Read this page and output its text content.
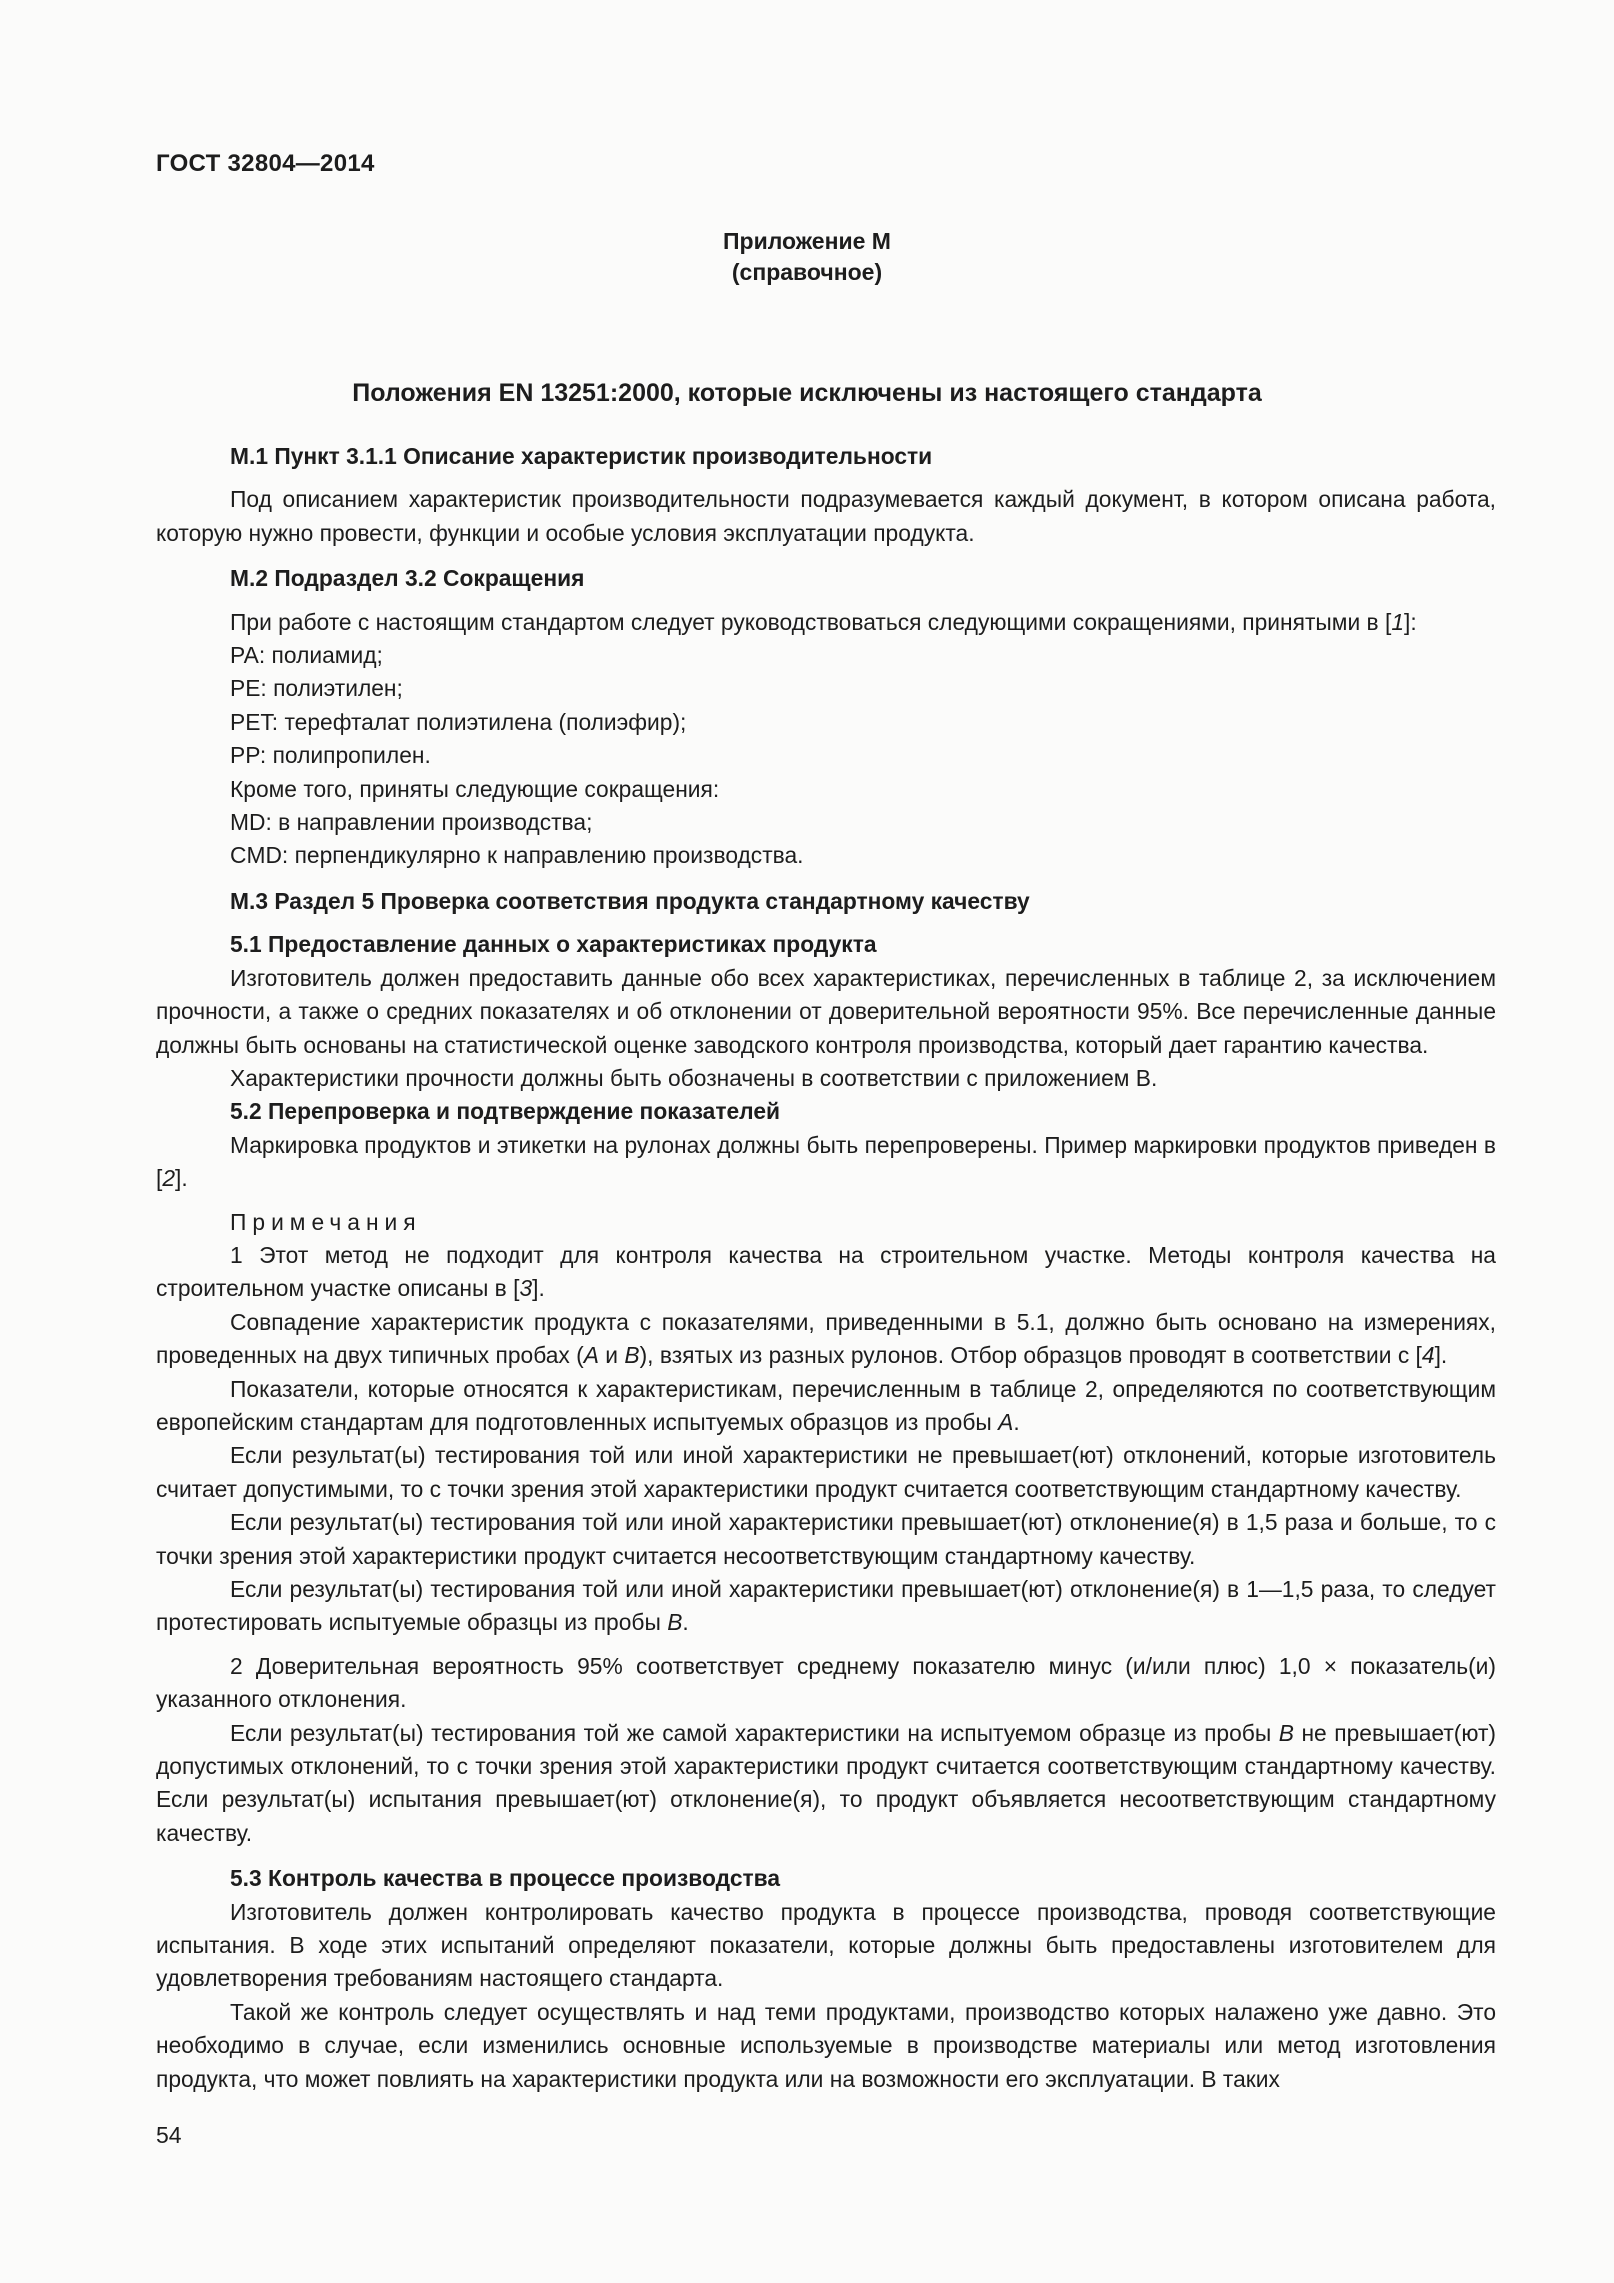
ГОСТ 32804—2014
Приложение М
(справочное)
Положения EN 13251:2000, которые исключены из настоящего стандарта
М.1 Пункт 3.1.1 Описание характеристик производительности

Под описанием характеристик производительности подразумевается каждый документ, в котором описана работа, которую нужно провести, функции и особые условия эксплуатации продукта.

М.2 Подраздел 3.2 Сокращения

При работе с настоящим стандартом следует руководствоваться следующими сокращениями, принятыми в [1]:

РА: полиамид;

РЕ: полиэтилен;

PET: терефталат полиэтилена (полиэфир);

РР: полипропилен.

Кроме того, приняты следующие сокращения:

MD: в направлении производства;

CMD: перпендикулярно к направлению производства.

М.3 Раздел 5 Проверка соответствия продукта стандартному качеству
5.1 Предоставление данных о характеристиках продукта

Изготовитель должен предоставить данные обо всех характеристиках, перечисленных в таблице 2, за исключением прочности, а также о средних показателях и об отклонении от доверительной вероятности 95%. Все перечисленные данные должны быть основаны на статистической оценке заводского контроля производства, который дает гарантию качества.

Характеристики прочности должны быть обозначены в соответствии с приложением В.

5.2 Перепроверка и подтверждение показателей

Маркировка продуктов и этикетки на рулонах должны быть перепроверены. Пример маркировки продуктов приведен в [2].

Примечания

1 Этот метод не подходит для контроля качества на строительном участке. Методы контроля качества на строительном участке описаны в [3].

Совпадение характеристик продукта с показателями, приведенными в 5.1, должно быть основано на измерениях, проведенных на двух типичных пробах (A и B), взятых из разных рулонов. Отбор образцов проводят в соответствии с [4].

Показатели, которые относятся к характеристикам, перечисленным в таблице 2, определяются по соответствующим европейским стандартам для подготовленных испытуемых образцов из пробы A.

Если результат(ы) тестирования той или иной характеристики не превышает(ют) отклонений, которые изготовитель считает допустимыми, то с точки зрения этой характеристики продукт считается соответствующим стандартному качеству.

Если результат(ы) тестирования той или иной характеристики превышает(ют) отклонение(я) в 1,5 раза и больше, то с точки зрения этой характеристики продукт считается несоответствующим стандартному качеству.

Если результат(ы) тестирования той или иной характеристики превышает(ют) отклонение(я) в 1—1,5 раза, то следует протестировать испытуемые образцы из пробы B.

2 Доверительная вероятность 95% соответствует среднему показателю минус (и/или плюс) 1,0 × показатель(и) указанного отклонения.

Если результат(ы) тестирования той же самой характеристики на испытуемом образце из пробы B не превышает(ют) допустимых отклонений, то с точки зрения этой характеристики продукт считается соответствующим стандартному качеству. Если результат(ы) испытания превышает(ют) отклонение(я), то продукт объявляется несоответствующим стандартному качеству.

5.3 Контроль качества в процессе производства

Изготовитель должен контролировать качество продукта в процессе производства, проводя соответствующие испытания. В ходе этих испытаний определяют показатели, которые должны быть предоставлены изготовителем для удовлетворения требованиям настоящего стандарта.

Такой же контроль следует осуществлять и над теми продуктами, производство которых налажено уже давно. Это необходимо в случае, если изменились основные используемые в производстве материалы или метод изготовления продукта, что может повлиять на характеристики продукта или на возможности его эксплуатации. В таких

54
